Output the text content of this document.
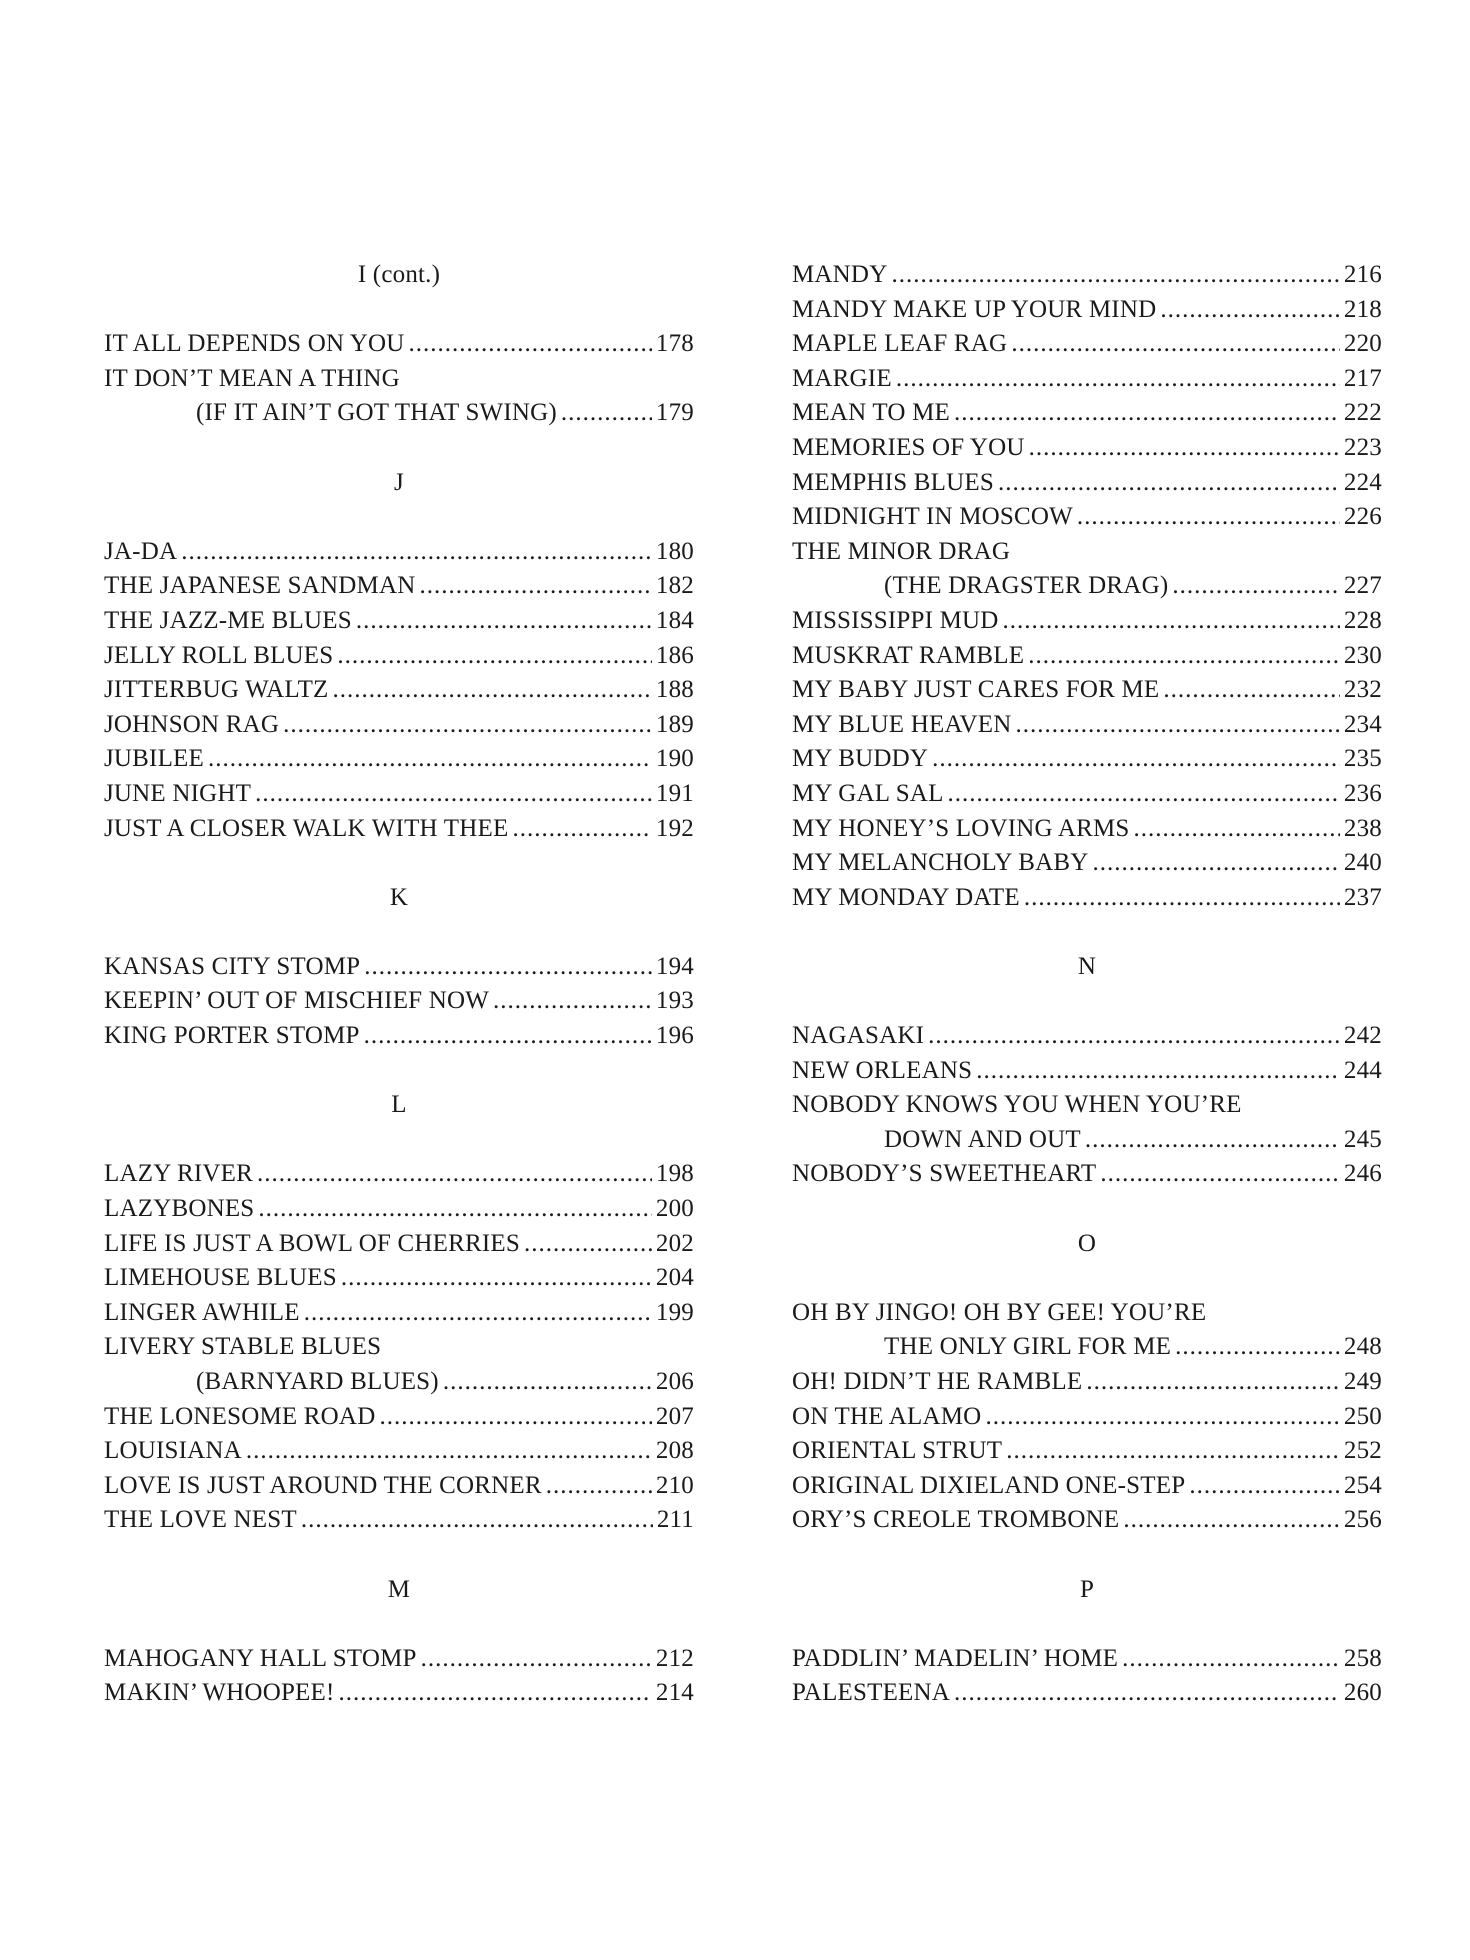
I (cont.)
IT ALL DEPENDS ON YOU .....	178
IT DON’T MEAN A THING
(IF IT AIN’T GOT THAT SWING) .....	179
J
JA-DA .....	180
THE JAPANESE SANDMAN .....	182
THE JAZZ-ME BLUES .....	184
JELLY ROLL BLUES .....	186
JITTERBUG WALTZ .....	188
JOHNSON RAG .....	189
JUBILEE .....	190
JUNE NIGHT .....	191
JUST A CLOSER WALK WITH THEE .....	192
K
KANSAS CITY STOMP .....	194
KEEPIN’ OUT OF MISCHIEF NOW .....	193
KING PORTER STOMP .....	196
L
LAZY RIVER .....	198
LAZYBONES .....	200
LIFE IS JUST A BOWL OF CHERRIES .....	202
LIMEHOUSE BLUES .....	204
LINGER AWHILE .....	199
LIVERY STABLE BLUES
(BARNYARD BLUES) .....	206
THE LONESOME ROAD .....	207
LOUISIANA .....	208
LOVE IS JUST AROUND THE CORNER .....	210
THE LOVE NEST .....	211
M
MAHOGANY HALL STOMP .....	212
MAKIN’ WHOOPEE! .....	214
MANDY .....	216
MANDY MAKE UP YOUR MIND .....	218
MAPLE LEAF RAG .....	220
MARGIE .....	217
MEAN TO ME .....	222
MEMORIES OF YOU .....	223
MEMPHIS BLUES .....	224
MIDNIGHT IN MOSCOW .....	226
THE MINOR DRAG
(THE DRAGSTER DRAG) .....	227
MISSISSIPPI MUD .....	228
MUSKRAT RAMBLE .....	230
MY BABY JUST CARES FOR ME .....	232
MY BLUE HEAVEN .....	234
MY BUDDY .....	235
MY GAL SAL .....	236
MY HONEY’S LOVING ARMS .....	238
MY MELANCHOLY BABY .....	240
MY MONDAY DATE .....	237
N
NAGASAKI .....	242
NEW ORLEANS .....	244
NOBODY KNOWS YOU WHEN YOU’RE
DOWN AND OUT .....	245
NOBODY’S SWEETHEART .....	246
O
OH BY JINGO! OH BY GEE! YOU’RE
THE ONLY GIRL FOR ME .....	248
OH! DIDN’T HE RAMBLE .....	249
ON THE ALAMO .....	250
ORIENTAL STRUT .....	252
ORIGINAL DIXIELAND ONE-STEP .....	254
ORY’S CREOLE TROMBONE .....	256
P
PADDLIN’ MADELIN’ HOME .....	258
PALESTEENA .....	260
